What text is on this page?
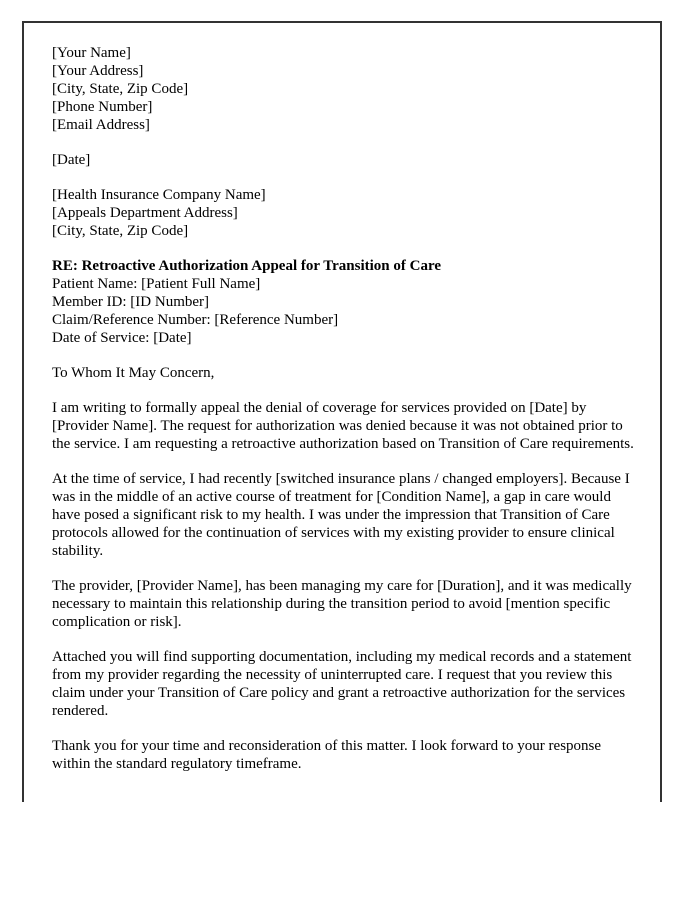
[Your Name]
[Your Address]
[City, State, Zip Code]
[Phone Number]
[Email Address]
[Date]
[Health Insurance Company Name]
[Appeals Department Address]
[City, State, Zip Code]
RE: Retroactive Authorization Appeal for Transition of Care
Patient Name: [Patient Full Name]
Member ID: [ID Number]
Claim/Reference Number: [Reference Number]
Date of Service: [Date]
To Whom It May Concern,

I am writing to formally appeal the denial of coverage for services provided on [Date] by [Provider Name]. The request for authorization was denied because it was not obtained prior to the service. I am requesting a retroactive authorization based on Transition of Care requirements.

At the time of service, I had recently [switched insurance plans / changed employers]. Because I was in the middle of an active course of treatment for [Condition Name], a gap in care would have posed a significant risk to my health. I was under the impression that Transition of Care protocols allowed for the continuation of services with my existing provider to ensure clinical stability.

The provider, [Provider Name], has been managing my care for [Duration], and it was medically necessary to maintain this relationship during the transition period to avoid [mention specific complication or risk].

Attached you will find supporting documentation, including my medical records and a statement from my provider regarding the necessity of uninterrupted care. I request that you review this claim under your Transition of Care policy and grant a retroactive authorization for the services rendered.

Thank you for your time and reconsideration of this matter. I look forward to your response within the standard regulatory timeframe.
